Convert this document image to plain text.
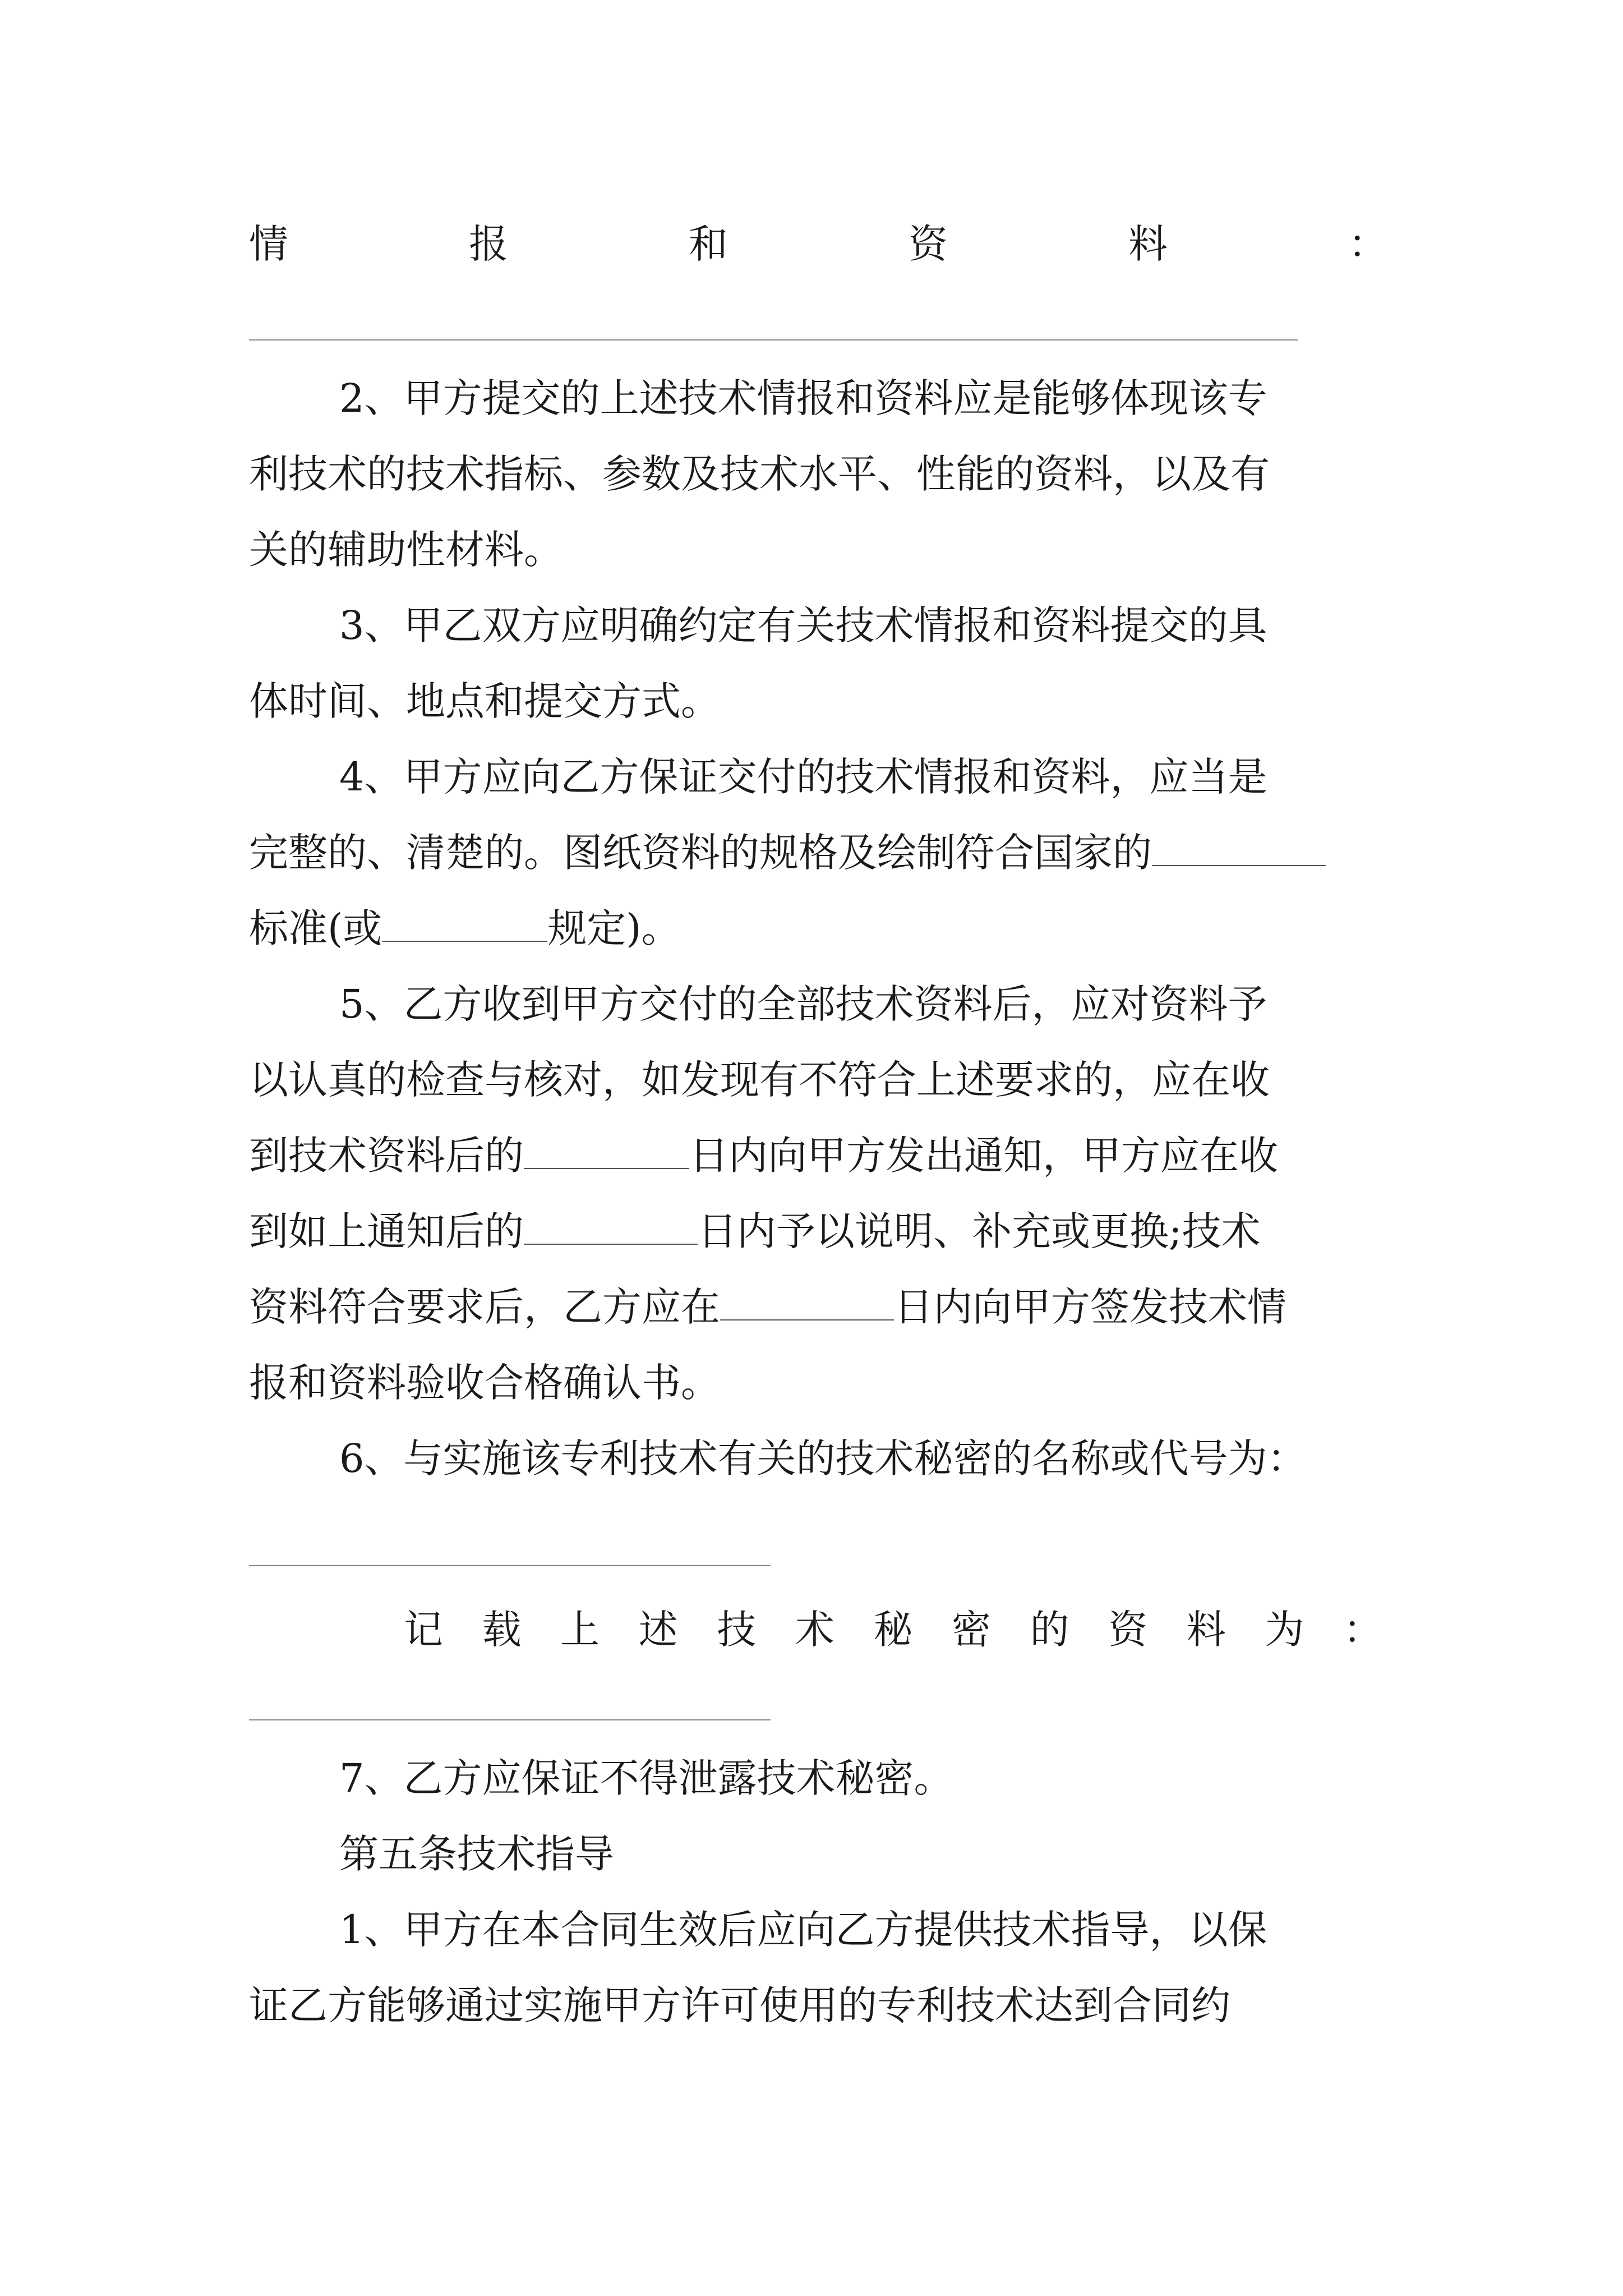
情	报	和	资	料	：
2、甲方提交的上述技术情报和资料应是能够体现该专
利技术的技术指标、参数及技术水平、性能的资料，以及有
关的辅助性材料。
3、甲乙双方应明确约定有关技术情报和资料提交的具
体时间、地点和提交方式。
4、甲方应向乙方保证交付的技术情报和资料，应当是
完整的、清楚的。图纸资料的规格及绘制符合国家的
标准(或	规定)。
5、乙方收到甲方交付的全部技术资料后，应对资料予
以认真的检查与核对，如发现有不符合上述要求的，应在收
到技术资料后的	日内向甲方发出通知，甲方应在收
到如上通知后的	日内予以说明、补充或更换;技术
资料符合要求后，乙方应在	日内向甲方签发技术情
报和资料验收合格确认书。
6、与实施该专利技术有关的技术秘密的名称或代号为：
记 载 上 述 技 术 秘 密 的 资 料 为 ：
7、乙方应保证不得泄露技术秘密。
第五条技术指导
1、甲方在本合同生效后应向乙方提供技术指导，以保
证乙方能够通过实施甲方许可使用的专利技术达到合同约
